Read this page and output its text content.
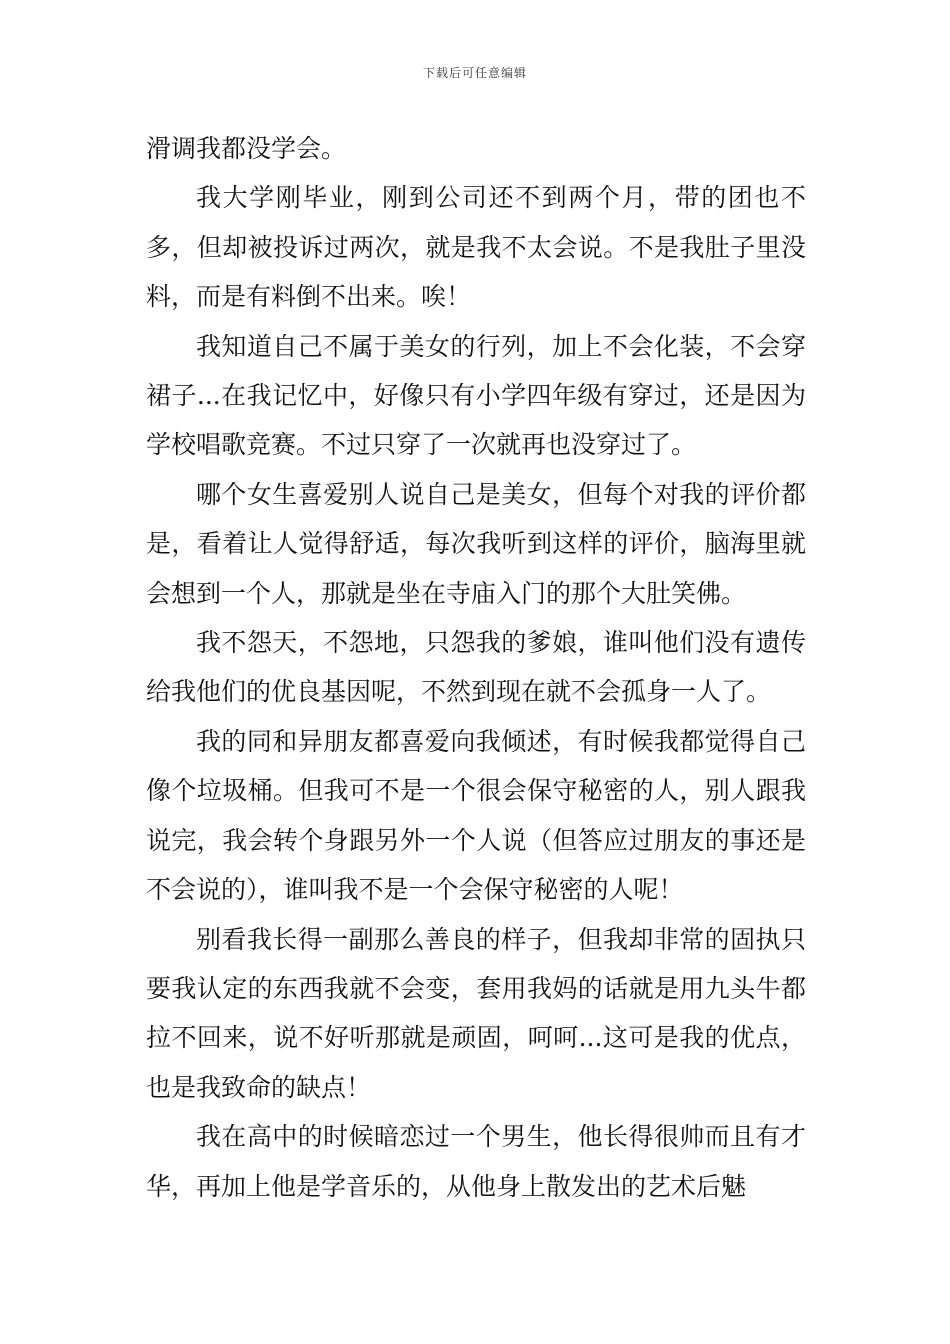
下载后可任意编辑

滑调我都没学会。

我大学刚毕业，刚到公司还不到两个月，带的团也不多，但却被投诉过两次，就是我不太会说。不是我肚子里没料，而是有料倒不出来。唉！

我知道自己不属于美女的行列，加上不会化装，不会穿裙子...在我记忆中，好像只有小学四年级有穿过，还是因为学校唱歌竞赛。不过只穿了一次就再也没穿过了。

哪个女生喜爱别人说自己是美女，但每个对我的评价都是，看着让人觉得舒适，每次我听到这样的评价，脑海里就会想到一个人，那就是坐在寺庙入门的那个大肚笑佛。

我不怨天，不怨地，只怨我的爹娘，谁叫他们没有遗传给我他们的优良基因呢，不然到现在就不会孤身一人了。

我的同和异朋友都喜爱向我倾述，有时候我都觉得自己像个垃圾桶。但我可不是一个很会保守秘密的人，别人跟我说完，我会转个身跟另外一个人说（但答应过朋友的事还是不会说的），谁叫我不是一个会保守秘密的人呢！

别看我长得一副那么善良的样子，但我却非常的固执只要我认定的东西我就不会变，套用我妈的话就是用九头牛都拉不回来，说不好听那就是顽固，呵呵...这可是我的优点，也是我致命的缺点！

我在高中的时候暗恋过一个男生，他长得很帅而且有才华，再加上他是学音乐的，从他身上散发出的艺术后魅
